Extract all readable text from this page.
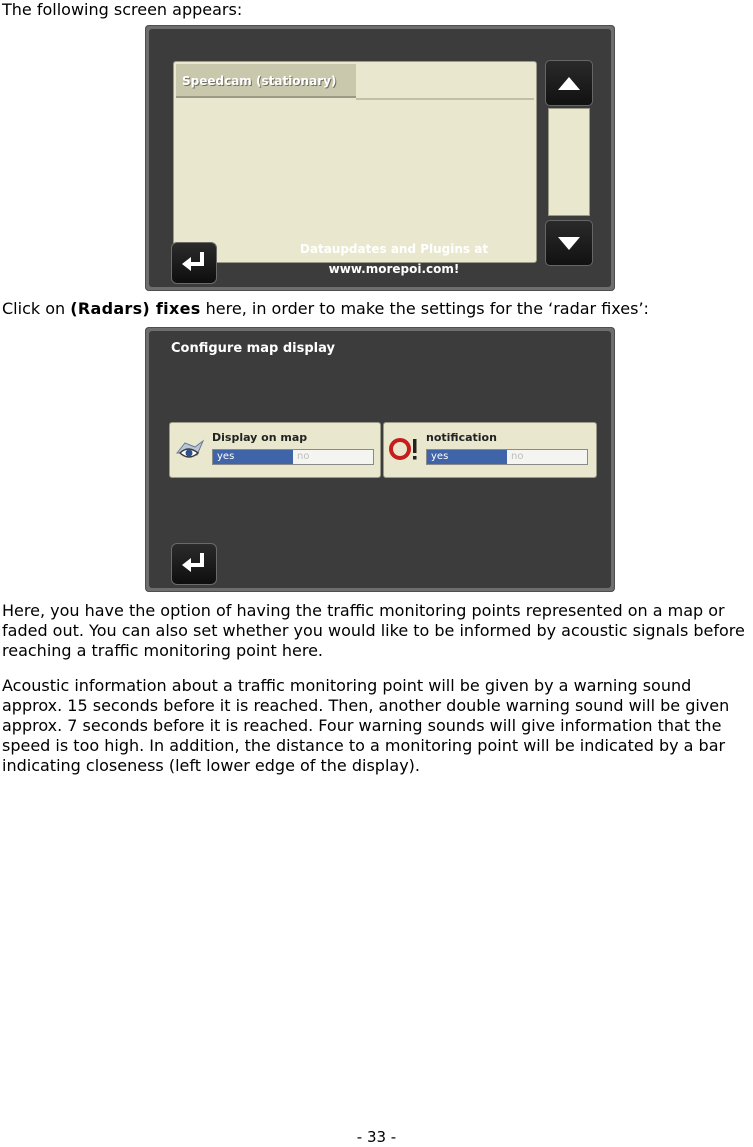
The following screen appears:

Speedcam (stationary)
Dataupdates and Plugins at
www.morepoi.com!

Click on (Radars) fixes here, in order to make the settings for the ‘radar fixes’:

Configure map display
Display on map
yes	no
notification
yes	no

Here, you have the option of having the traffic monitoring points represented on a map or faded out. You can also set whether you would like to be informed by acoustic signals before reaching a traffic monitoring point here.

Acoustic information about a traffic monitoring point will be given by a warning sound approx. 15 seconds before it is reached. Then, another double warning sound will be given approx. 7 seconds before it is reached. Four warning sounds will give information that the speed is too high. In addition, the distance to a monitoring point will be indicated by a bar indicating closeness (left lower edge of the display).

- 33 -
